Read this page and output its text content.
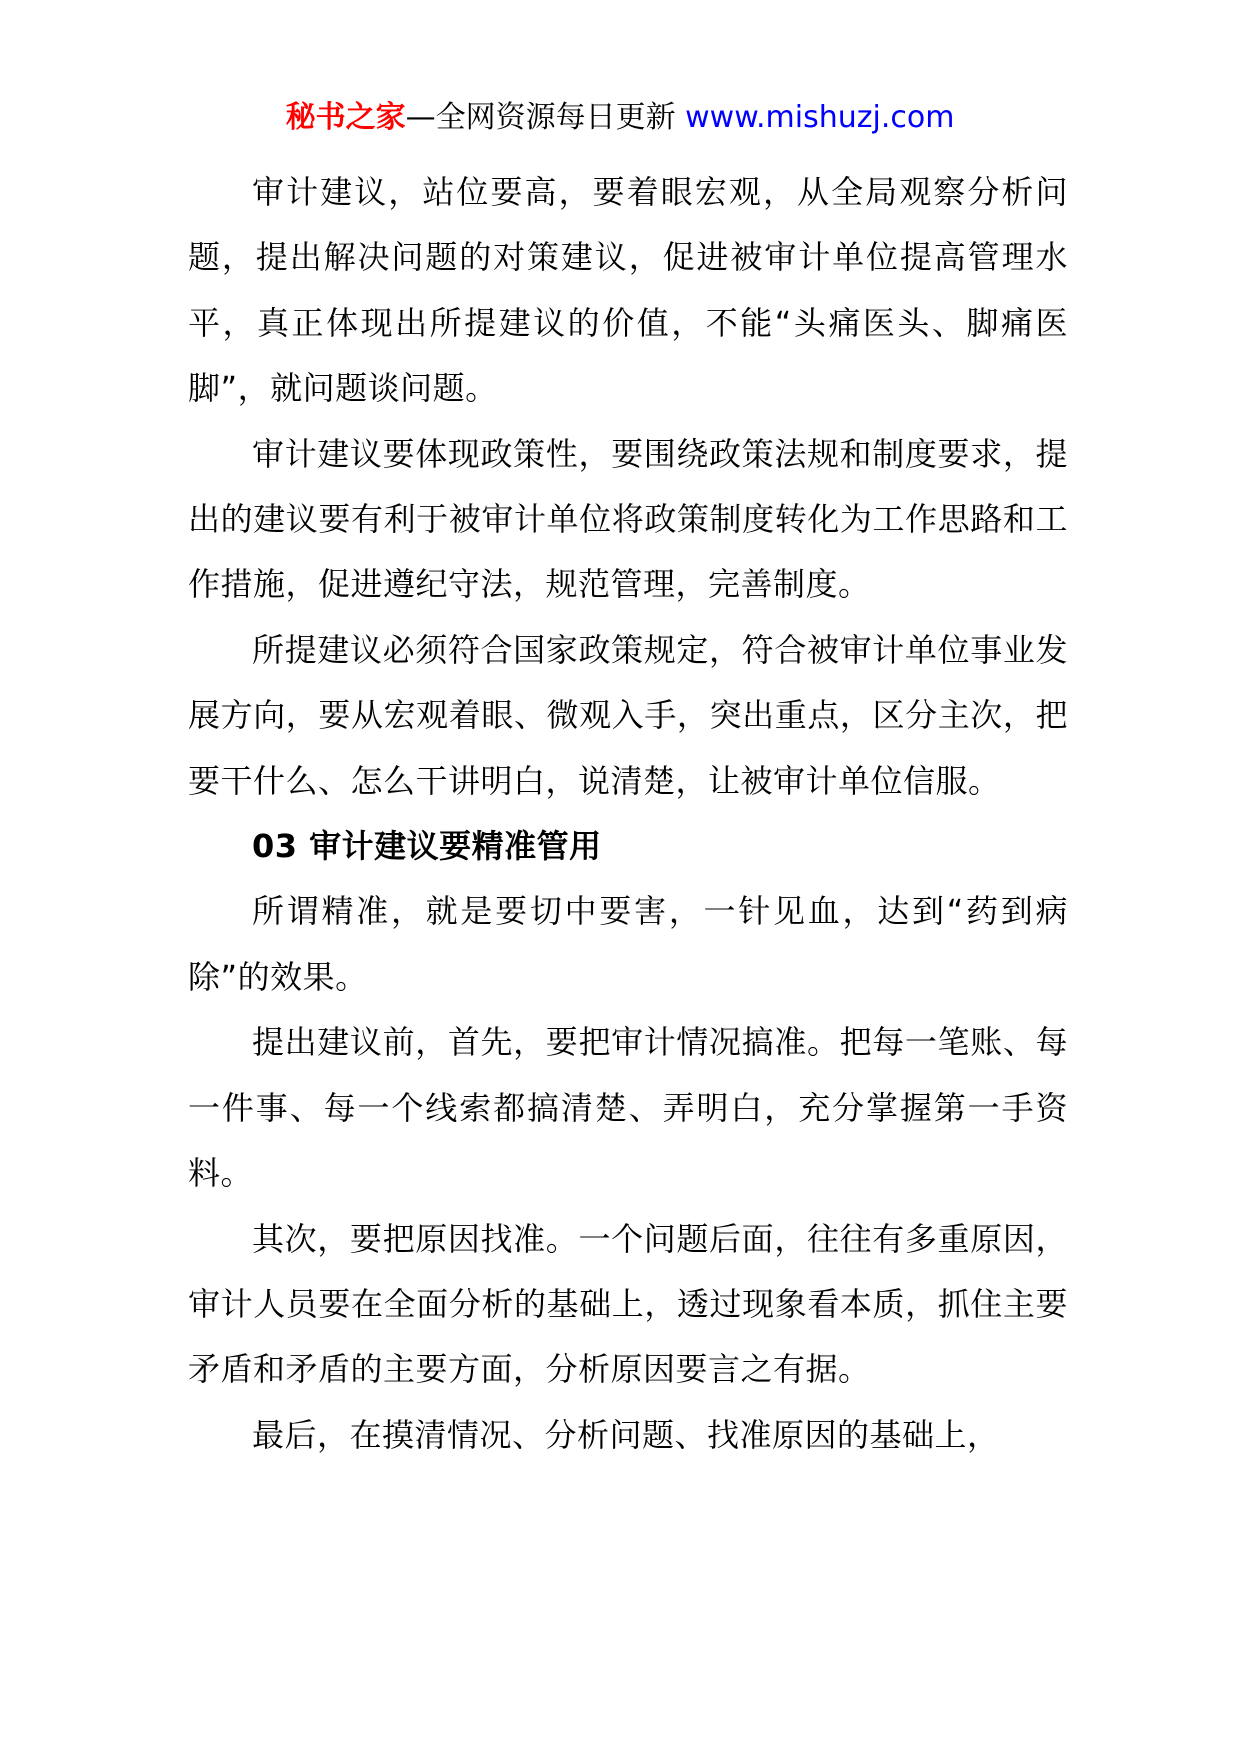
秘书之家—全网资源每日更新 www.mishuzj.com

审计建议，站位要高，要着眼宏观，从全局观察分析问题，提出解决问题的对策建议，促进被审计单位提高管理水平，真正体现出所提建议的价值，不能“头痛医头、脚痛医脚”，就问题谈问题。

审计建议要体现政策性，要围绕政策法规和制度要求，提出的建议要有利于被审计单位将政策制度转化为工作思路和工作措施，促进遵纪守法，规范管理，完善制度。

所提建议必须符合国家政策规定，符合被审计单位事业发展方向，要从宏观着眼、微观入手，突出重点，区分主次，把要干什么、怎么干讲明白，说清楚，让被审计单位信服。

03 审计建议要精准管用

所谓精准，就是要切中要害，一针见血，达到“药到病除”的效果。

提出建议前，首先，要把审计情况搞准。把每一笔账、每一件事、每一个线索都搞清楚、弄明白，充分掌握第一手资料。

其次，要把原因找准。一个问题后面，往往有多重原因，审计人员要在全面分析的基础上，透过现象看本质，抓住主要矛盾和矛盾的主要方面，分析原因要言之有据。

最后，在摸清情况、分析问题、找准原因的基础上，
